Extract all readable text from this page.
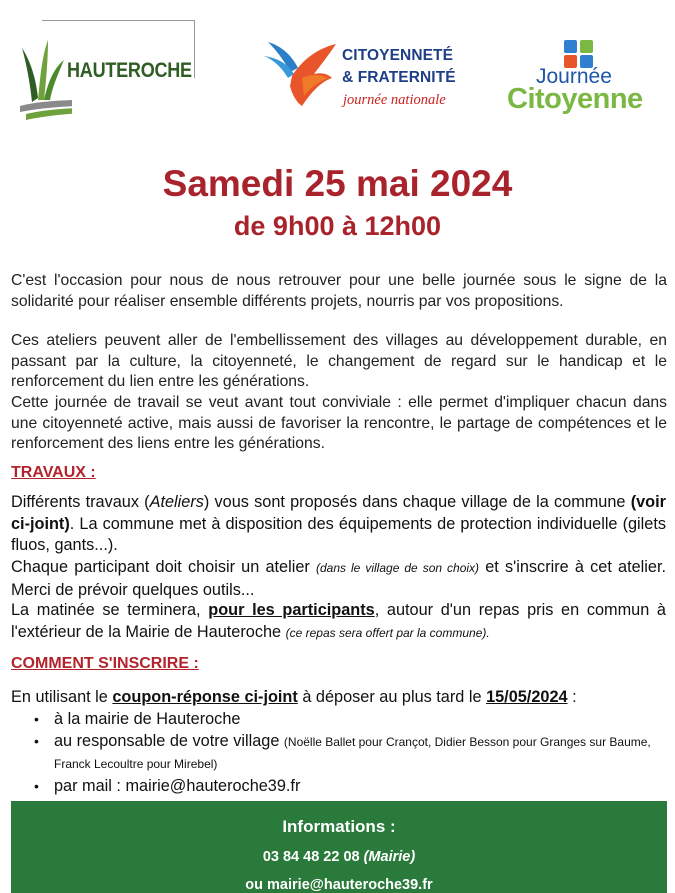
HAUTEROCHE
CITOYENNETÉ
& FRATERNITÉ
journée nationale
Journée
Citoyenne
Samedi 25 mai 2024
de 9h00 à 12h00
C'est l'occasion pour nous de nous retrouver pour une belle journée sous le signe de la solidarité pour réaliser ensemble différents projets, nourris par vos propositions.
Ces ateliers peuvent aller de l'embellissement des villages au développement durable, en passant par la culture, la citoyenneté, le changement de regard sur le handicap et le renforcement du lien entre les générations.
Cette journée de travail se veut avant tout conviviale : elle permet d'impliquer chacun dans une citoyenneté active, mais aussi de favoriser la rencontre, le partage de compétences et le renforcement des liens entre les générations.
TRAVAUX :
Différents travaux (Ateliers) vous sont proposés dans chaque village de la commune (voir ci-joint). La commune met à disposition des équipements de protection individuelle (gilets fluos, gants...).
Chaque participant doit choisir un atelier (dans le village de son choix) et s'inscrire à cet atelier. Merci de prévoir quelques outils...
La matinée se terminera, pour les participants, autour d'un repas pris en commun à l'extérieur de la Mairie de Hauteroche (ce repas sera offert par la commune).
COMMENT S'INSCRIRE :
En utilisant le coupon-réponse ci-joint à déposer au plus tard le 15/05/2024 :
• à la mairie de Hauteroche
• au responsable de votre village (Noëlle Ballet pour Crançot, Didier Besson pour Granges sur Baume, Franck Lecoultre pour Mirebel)
• par mail : mairie@hauteroche39.fr
Informations :
03 84 48 22 08 (Mairie)
ou mairie@hauteroche39.fr
